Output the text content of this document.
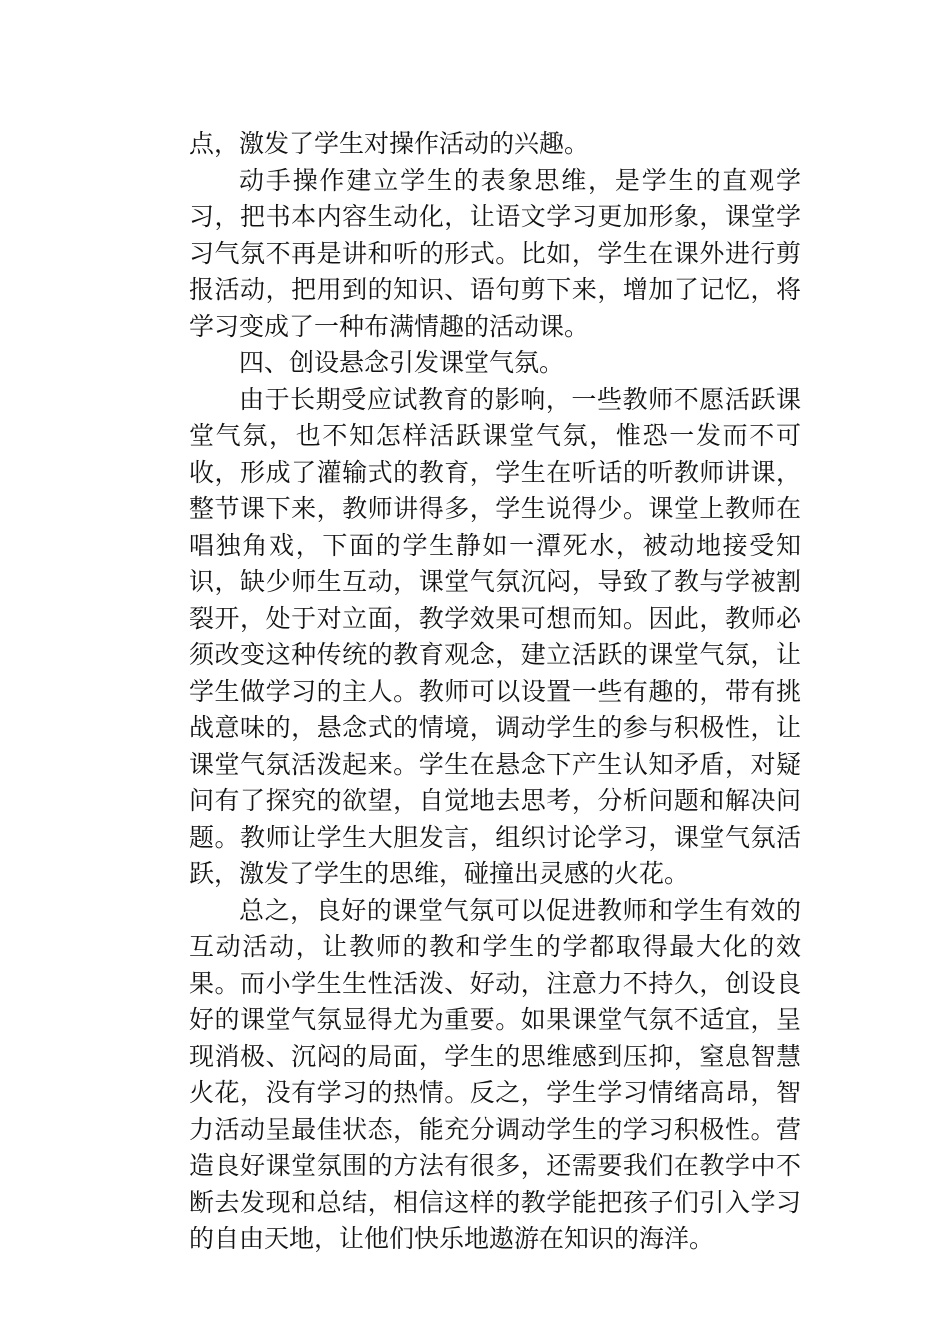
点，激发了学生对操作活动的兴趣。

动手操作建立学生的表象思维，是学生的直观学习，把书本内容生动化，让语文学习更加形象，课堂学习气氛不再是讲和听的形式。比如，学生在课外进行剪报活动，把用到的知识、语句剪下来，增加了记忆，将学习变成了一种布满情趣的活动课。

四、创设悬念引发课堂气氛。

由于长期受应试教育的影响，一些教师不愿活跃课堂气氛，也不知怎样活跃课堂气氛，惟恐一发而不可收，形成了灌输式的教育，学生在听话的听教师讲课，整节课下来，教师讲得多，学生说得少。课堂上教师在唱独角戏，下面的学生静如一潭死水，被动地接受知识，缺少师生互动，课堂气氛沉闷，导致了教与学被割裂开，处于对立面，教学效果可想而知。因此，教师必须改变这种传统的教育观念，建立活跃的课堂气氛，让学生做学习的主人。教师可以设置一些有趣的，带有挑战意味的，悬念式的情境，调动学生的参与积极性，让课堂气氛活泼起来。学生在悬念下产生认知矛盾，对疑问有了探究的欲望，自觉地去思考，分析问题和解决问题。教师让学生大胆发言，组织讨论学习，课堂气氛活跃，激发了学生的思维，碰撞出灵感的火花。

总之，良好的课堂气氛可以促进教师和学生有效的互动活动，让教师的教和学生的学都取得最大化的效果。而小学生生性活泼、好动，注意力不持久，创设良好的课堂气氛显得尤为重要。如果课堂气氛不适宜，呈现消极、沉闷的局面，学生的思维感到压抑，窒息智慧火花，没有学习的热情。反之，学生学习情绪高昂，智力活动呈最佳状态，能充分调动学生的学习积极性。营造良好课堂氛围的方法有很多，还需要我们在教学中不断去发现和总结，相信这样的教学能把孩子们引入学习的自由天地，让他们快乐地遨游在知识的海洋。
